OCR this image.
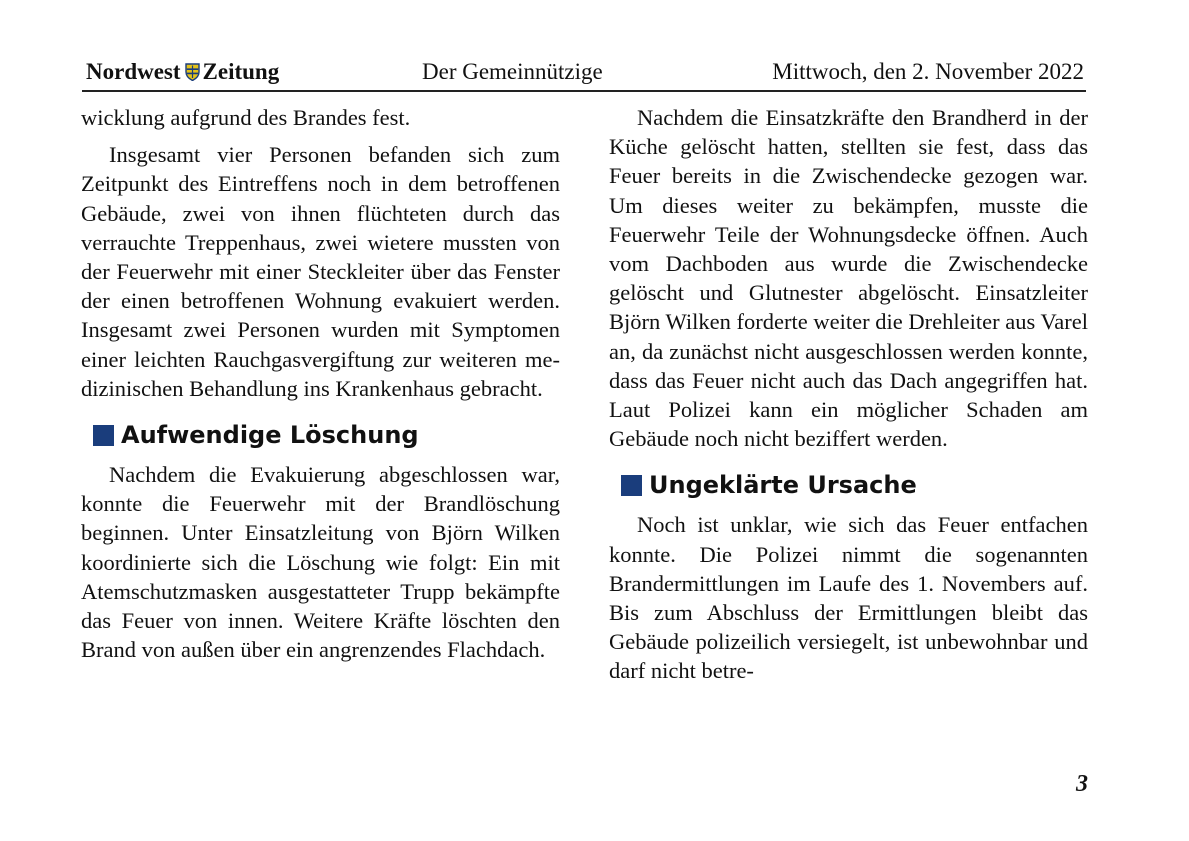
Nordwest Zeitung	Der Gemeinnützige	Mittwoch, den 2. November 2022

wicklung aufgrund des Brandes fest.

Insgesamt vier Personen befanden sich zum Zeitpunkt des Eintreffens noch in dem betroffenen Gebäude, zwei von ihnen flüchteten durch das verrauchte Treppenhaus, zwei wietere mussten von der Feuerwehr mit einer Steckleiter über das Fenster der einen betroffenen Wohnung evakuiert werden. Insgesamt zwei Personen wurden mit Symptomen einer leichten Rauchgasvergiftung zur weiteren medizinischen Behandlung ins Krankenhaus gebracht.

Aufwendige Löschung

Nachdem die Evakuierung abgeschlossen war, konnte die Feuerwehr mit der Brandlöschung beginnen. Unter Einsatzleitung von Björn Wilken koordinierte sich die Löschung wie folgt: Ein mit Atemschutzmasken ausgestatteter Trupp bekämpfte das Feuer von innen. Weitere Kräfte löschten den Brand von außen über ein angrenzendes Flachdach.

Nachdem die Einsatzkräfte den Brandherd in der Küche gelöscht hatten, stellten sie fest, dass das Feuer bereits in die Zwischendecke gezogen war. Um dieses weiter zu bekämpfen, musste die Feuerwehr Teile der Wohnungsdecke öffnen. Auch vom Dachboden aus wurde die Zwischendecke gelöscht und Glutnester abgelöscht. Einsatzleiter Björn Wilken forderte weiter die Drehleiter aus Varel an, da zunächst nicht ausgeschlossen werden konnte, dass das Feuer nicht auch das Dach angegriffen hat. Laut Polizei kann ein möglicher Schaden am Gebäude noch nicht beziffert werden.

Ungeklärte Ursache

Noch ist unklar, wie sich das Feuer entfachen konnte. Die Polizei nimmt die sogenannten Brandermittlungen im Laufe des 1. Novembers auf. Bis zum Abschluss der Ermittlungen bleibt das Gebäude polizeilich versiegelt, ist unbewohnbar und darf nicht betre-

3
